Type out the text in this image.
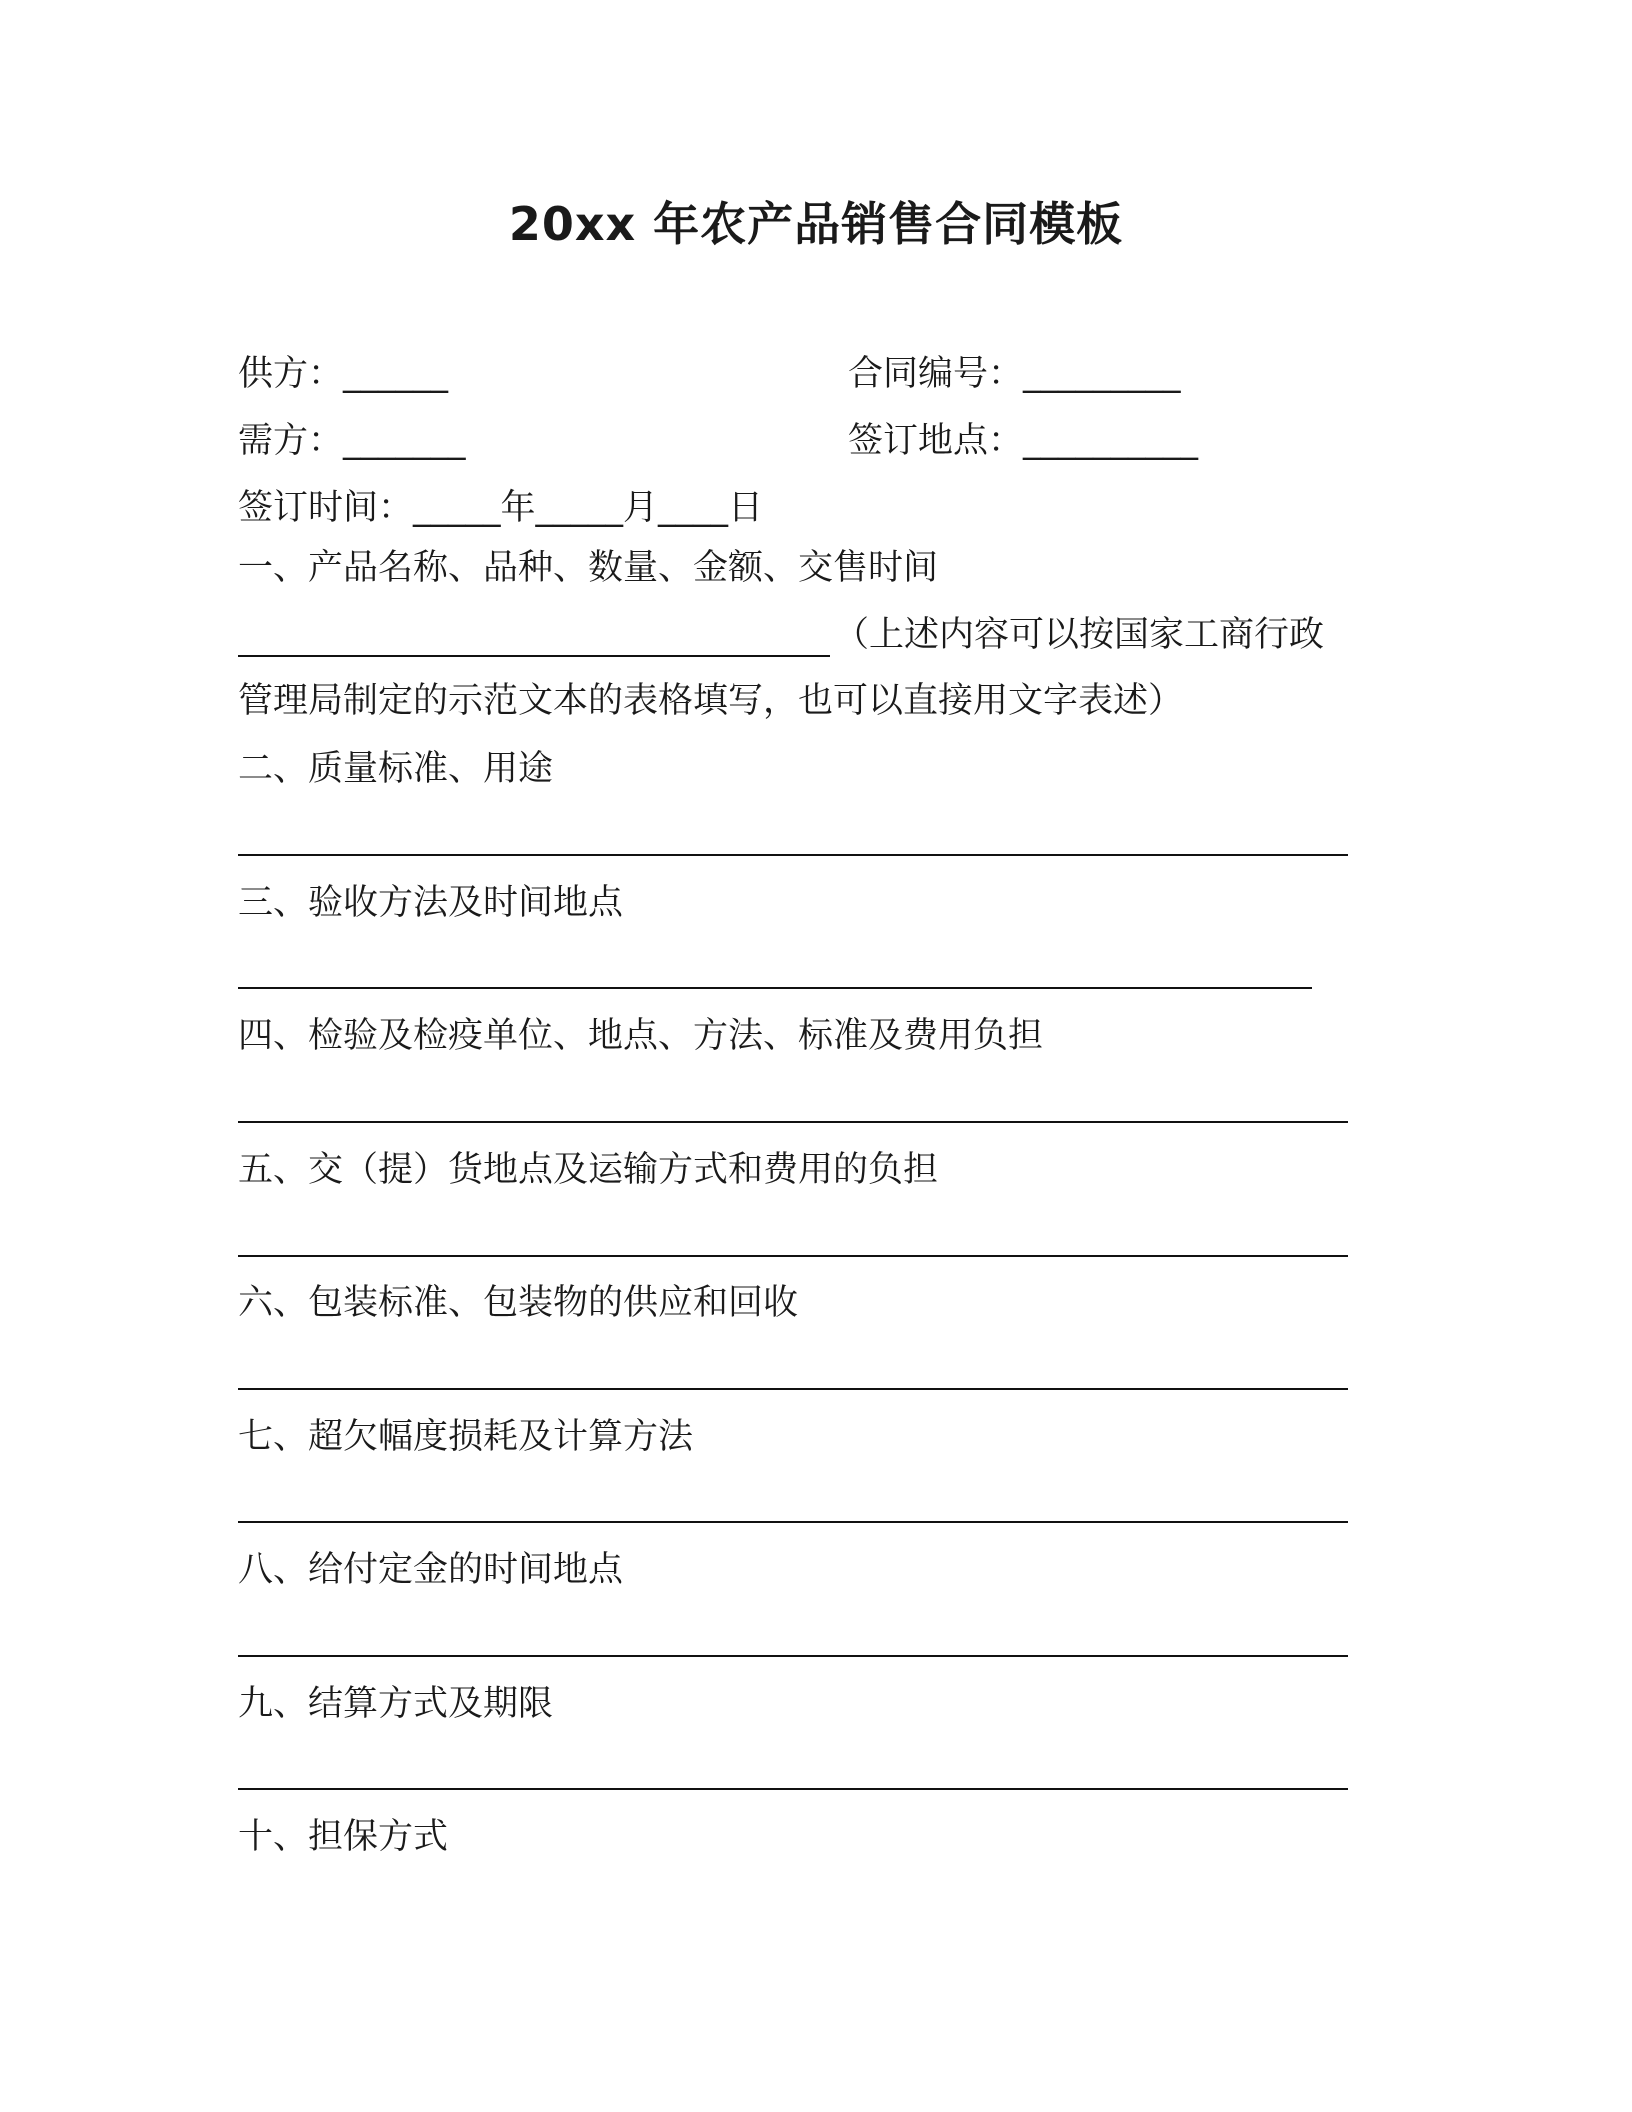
20xx 年农产品销售合同模板
供方：______	合同编号：_________
需方：_______	签订地点：__________
签订时间：_____年_____月____日
一、产品名称、品种、数量、金额、交售时间
（上述内容可以按国家工商行政
管理局制定的示范文本的表格填写，也可以直接用文字表述）
二、质量标准、用途
三、验收方法及时间地点
四、检验及检疫单位、地点、方法、标准及费用负担
五、交（提）货地点及运输方式和费用的负担
六、包装标准、包装物的供应和回收
七、超欠幅度损耗及计算方法
八、给付定金的时间地点
九、结算方式及期限
十、担保方式
